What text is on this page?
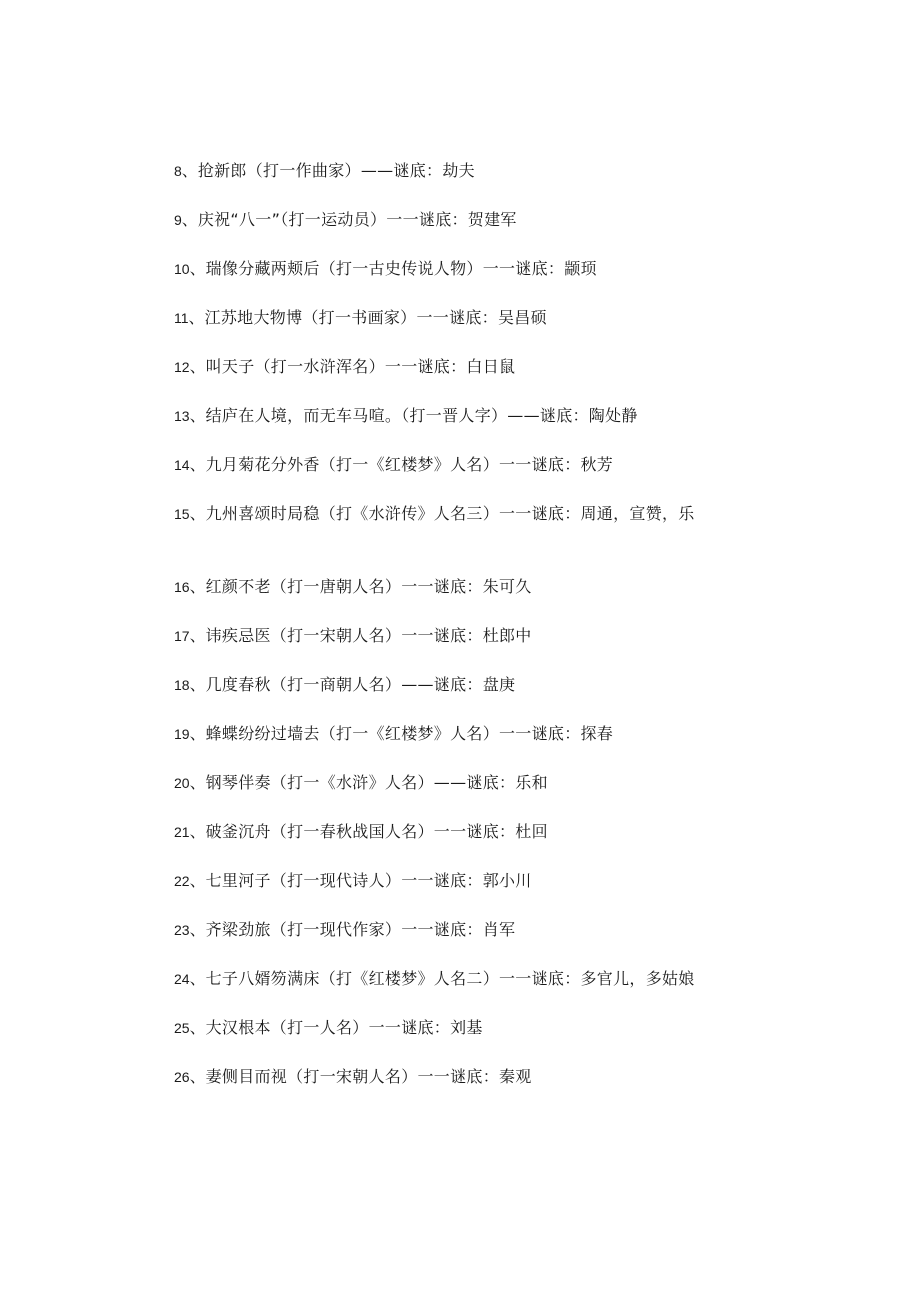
8 、 抢新郎（打一作曲家）——谜底：劫夫
9 、 庆祝“八一”（打一运动员）一一谜底：贺建军
10 、 瑞像分藏两颊后（打一古史传说人物）一一谜底：颛顼
11 、 江苏地大物博（打一书画家）一一谜底：吴昌硕
12 、 叫天子（打一水浒浑名）一一谜底：白日鼠
13 、 结庐在人境，而无车马喧。（打一晋人字）——谜底：陶处静
14 、 九月菊花分外香（打一《红楼梦》人名）一一谜底：秋芳
15 、 九州喜颂时局稳（打《水浒传》人名三）一一谜底：周通，宣赞，乐
16 、 红颜不老（打一唐朝人名）一一谜底：朱可久
17 、 讳疾忌医（打一宋朝人名）一一谜底：杜郎中
18 、 几度春秋（打一商朝人名）——谜底：盘庚
19 、 蜂蝶纷纷过墙去（打一《红楼梦》人名）一一谜底：探春
20 、 钢琴伴奏（打一《水浒》人名）——谜底：乐和
21 、 破釜沉舟（打一春秋战国人名）一一谜底：杜回
22 、 七里河子（打一现代诗人）一一谜底：郭小川
23 、 齐梁劲旅（打一现代作家）一一谜底：肖军
24 、 七子八婿笏满床（打《红楼梦》人名二）一一谜底：多官儿，多姑娘
25 、 大汉根本（打一人名）一一谜底：刘基
26 、 妻侧目而视（打一宋朝人名）一一谜底：秦观
